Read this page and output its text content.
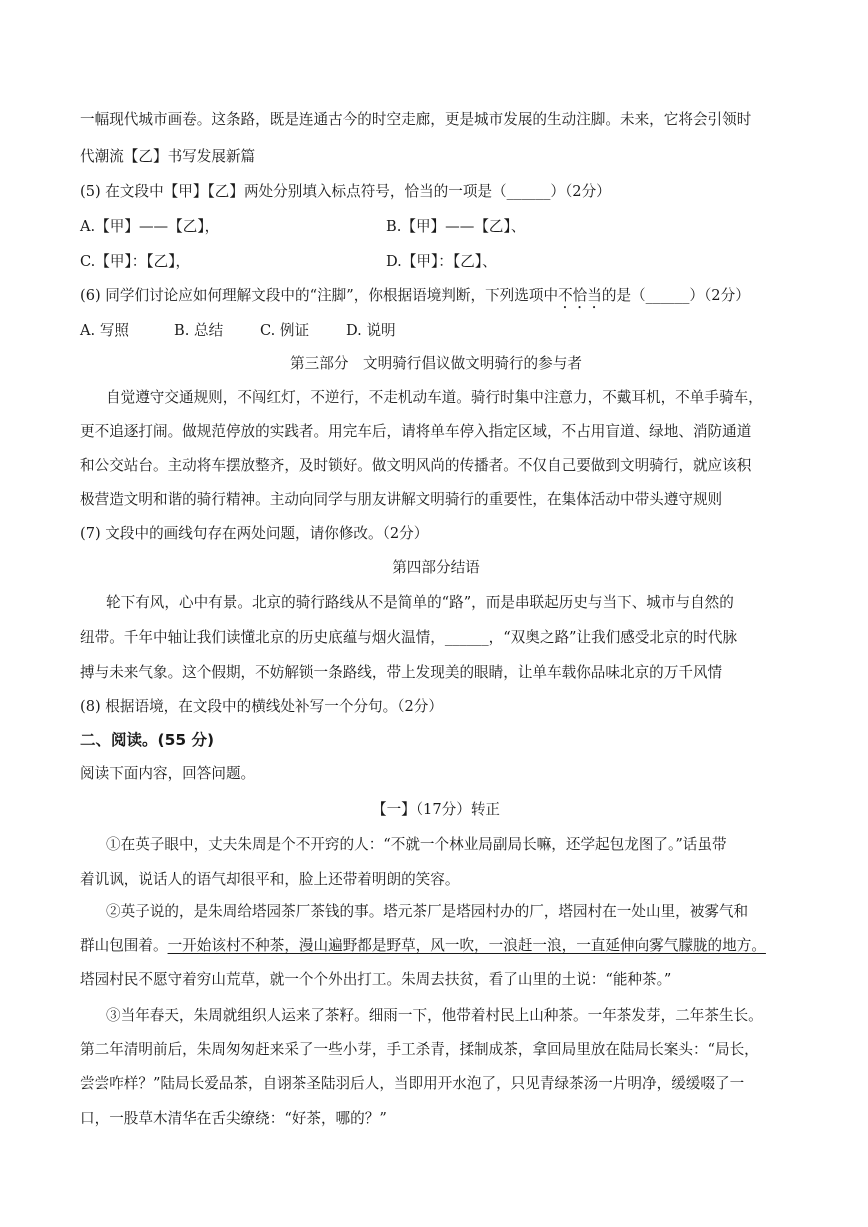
一幅现代城市画卷。这条路，既是连通古今的时空走廊，更是城市发展的生动注脚。未来，它将会引领时
代潮流【乙】书写发展新篇
(5) 在文段中【甲】【乙】两处分别填入标点符号，恰当的一项是（______）（2分）
A.【甲】——【乙】，	B.【甲】——【乙】、
C.【甲】：【乙】，	D.【甲】：【乙】、
(6) 同学们讨论应如何理解文段中的“注脚”，你根据语境判断，下列选项中不恰当的是（______）（2分）
A. 写照	B. 总结	C. 例证	D. 说明
第三部分　文明骑行倡议做文明骑行的参与者
自觉遵守交通规则，不闯红灯，不逆行，不走机动车道。骑行时集中注意力，不戴耳机，不单手骑车，
更不追逐打闹。做规范停放的实践者。用完车后，请将单车停入指定区域，不占用盲道、绿地、消防通道
和公交站台。主动将车摆放整齐，及时锁好。做文明风尚的传播者。不仅自己要做到文明骑行，就应该积
极营造文明和谐的骑行精神。主动向同学与朋友讲解文明骑行的重要性，在集体活动中带头遵守规则
(7) 文段中的画线句存在两处问题，请你修改。（2分）
第四部分结语
轮下有风，心中有景。北京的骑行路线从不是简单的“路”，而是串联起历史与当下、城市与自然的
纽带。千年中轴让我们读懂北京的历史底蕴与烟火温情，______，“双奥之路”让我们感受北京的时代脉
搏与未来气象。这个假期，不妨解锁一条路线，带上发现美的眼睛，让单车载你品味北京的万千风情
(8) 根据语境，在文段中的横线处补写一个分句。（2分）
二、阅读。(55 分)
阅读下面内容，回答问题。
【一】（17分）转正
①在英子眼中，丈夫朱周是个不开窍的人：“不就一个林业局副局长嘛，还学起包龙图了。”话虽带
着讥讽，说话人的语气却很平和，脸上还带着明朗的笑容。
②英子说的，是朱周给塔园茶厂茶钱的事。塔元茶厂是塔园村办的厂，塔园村在一处山里，被雾气和
群山包围着。一开始该村不种茶，漫山遍野都是野草，风一吹，一浪赶一浪，一直延伸向雾气朦胧的地方。
塔园村民不愿守着穷山荒草，就一个个外出打工。朱周去扶贫，看了山里的土说：“能种茶。”
③当年春天，朱周就组织人运来了茶籽。细雨一下，他带着村民上山种茶。一年茶发芽，二年茶生长。
第二年清明前后，朱周匆匆赶来采了一些小芽，手工杀青，揉制成茶，拿回局里放在陆局长案头：“局长，
尝尝咋样？”陆局长爱品茶，自诩茶圣陆羽后人，当即用开水泡了，只见青绿茶汤一片明净，缓缓啜了一
口，一股草木清华在舌尖缭绕：“好茶，哪的？”
